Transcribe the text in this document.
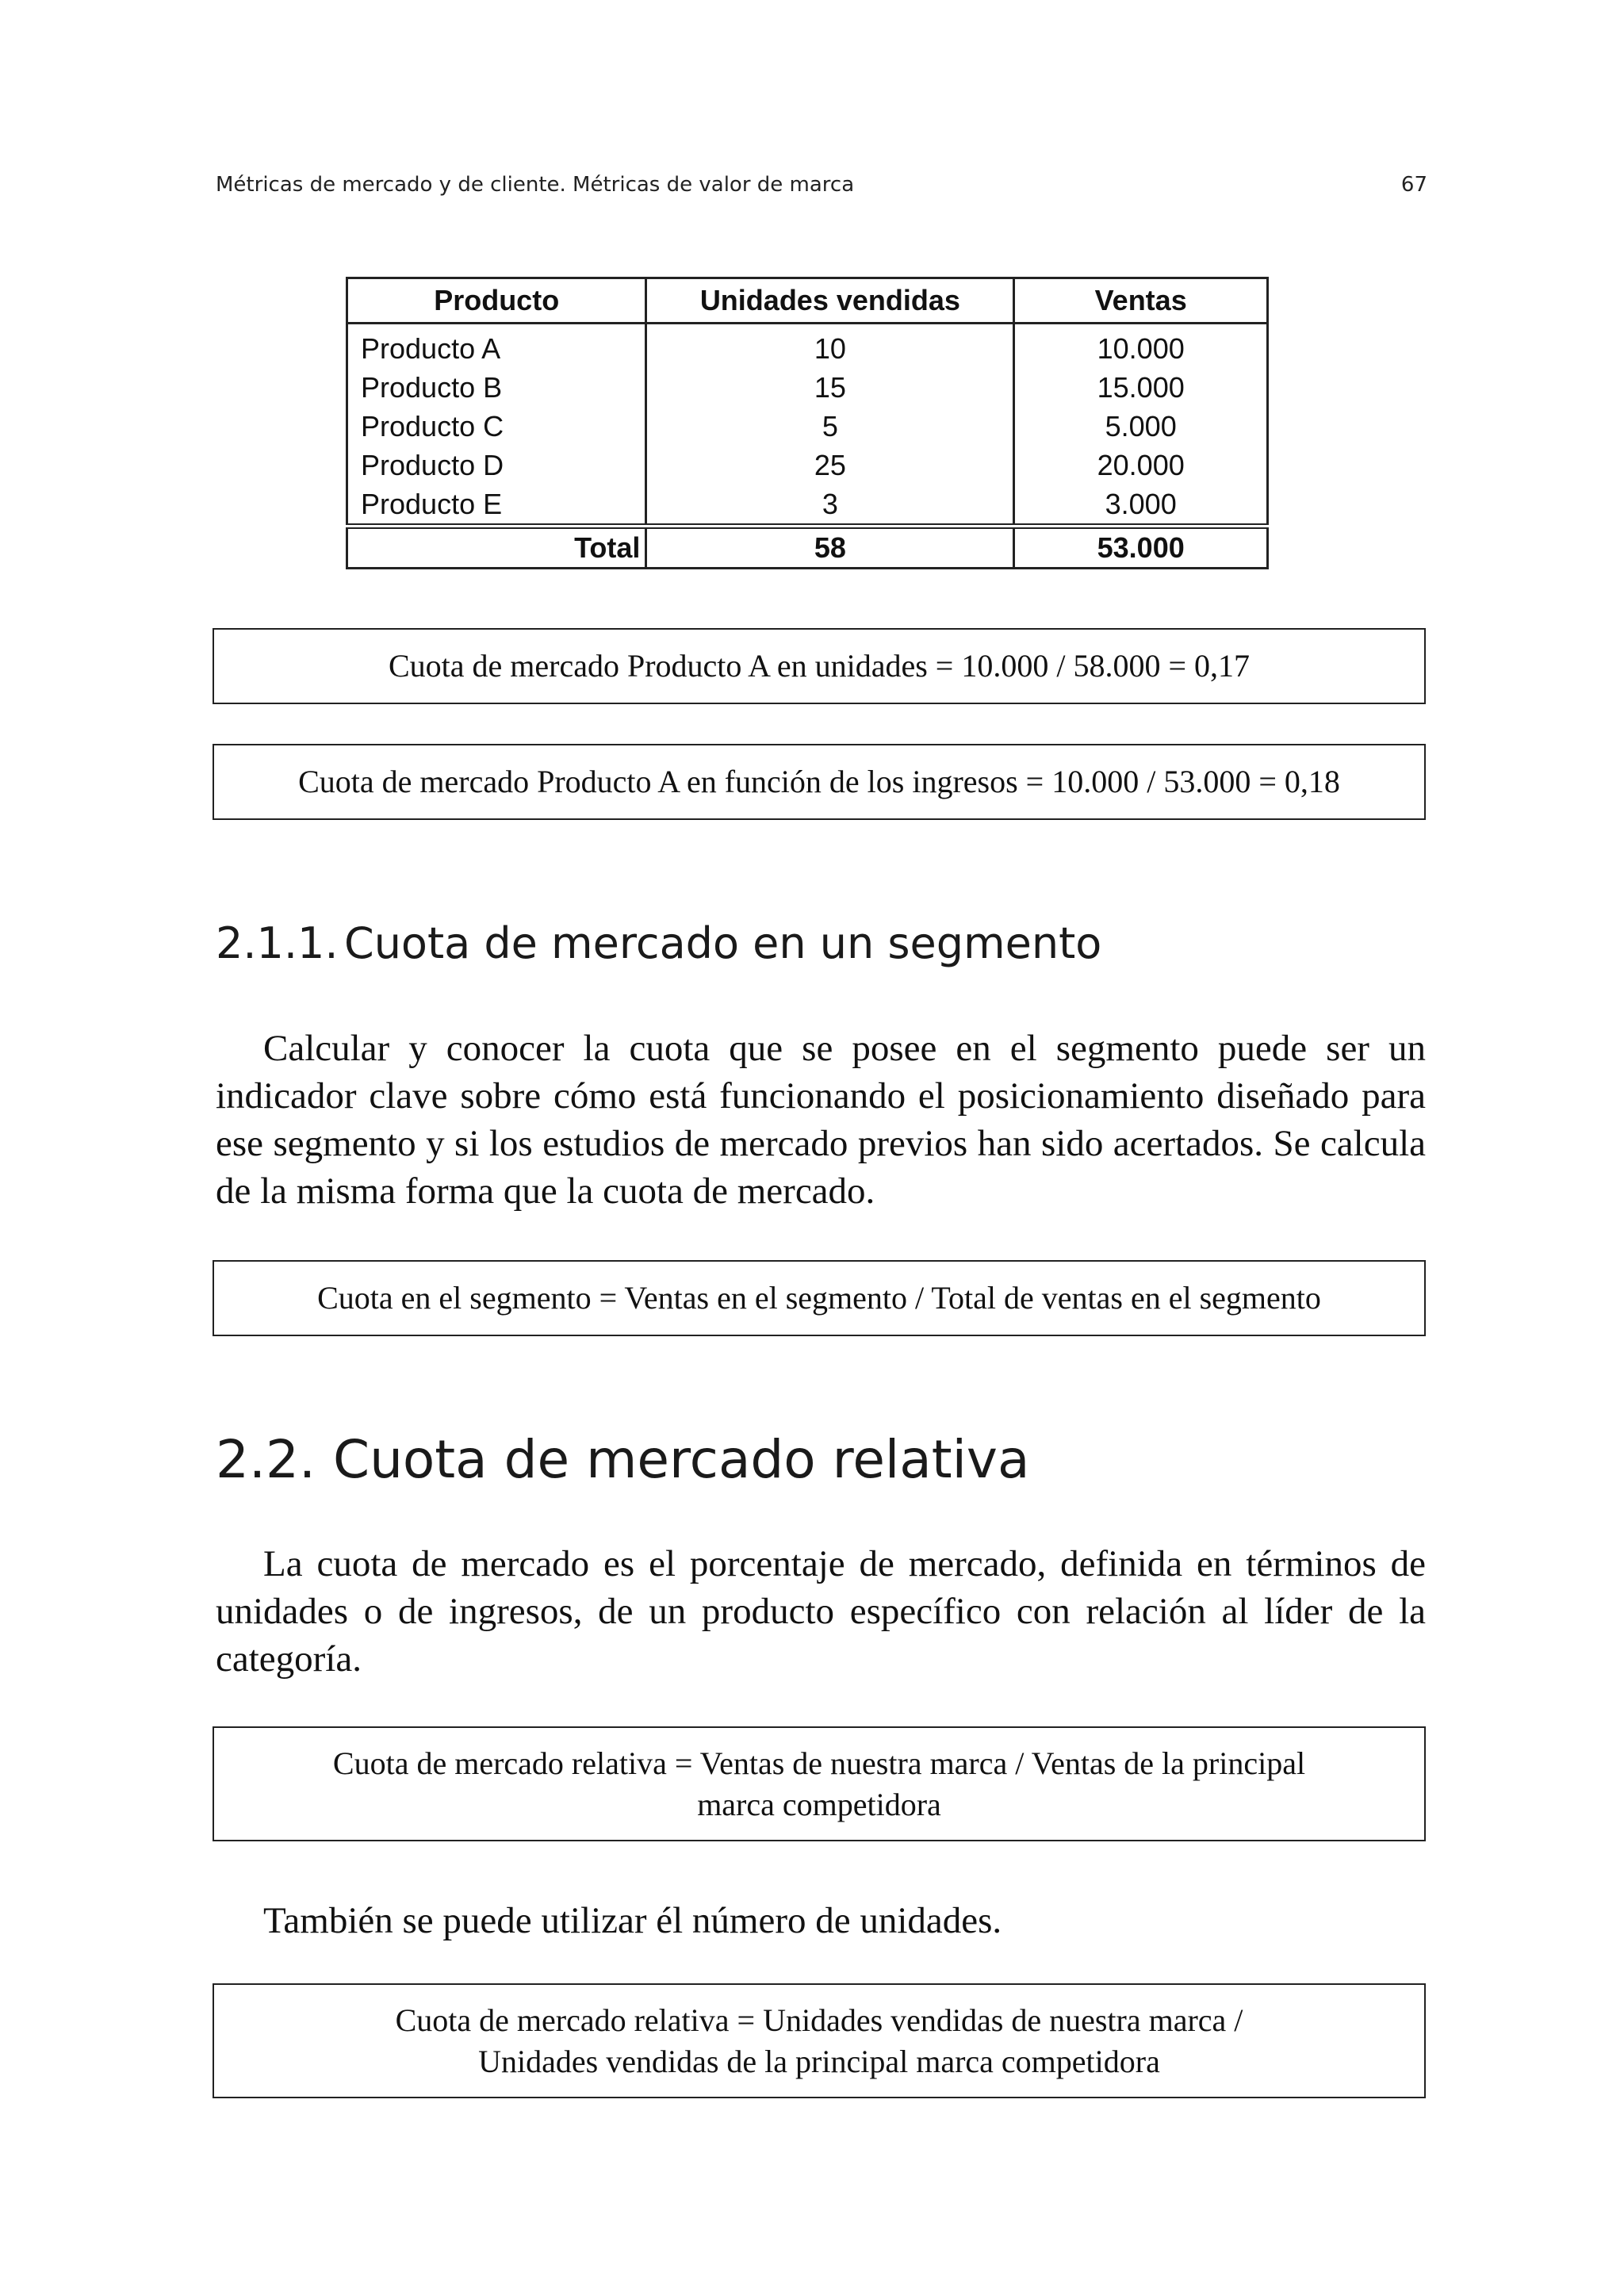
Métricas de mercado y de cliente. Métricas de valor de marca	67
Producto	Unidades vendidas	Ventas
Producto A	10	10.000
Producto B	15	15.000
Producto C	5	5.000
Producto D	25	20.000
Producto E	3	3.000
Total	58	53.000
Cuota de mercado Producto A en unidades = 10.000 / 58.000 = 0,17
Cuota de mercado Producto A en función de los ingresos = 10.000 / 53.000 = 0,18
2.1.1. Cuota de mercado en un segmento

Calcular y conocer la cuota que se posee en el segmento puede ser un indicador clave sobre cómo está funcionando el posicionamiento diseñado para ese segmento y si los estudios de mercado previos han sido acertados. Se calcula de la misma forma que la cuota de mercado.

Cuota en el segmento = Ventas en el segmento / Total de ventas en el segmento
2.2. Cuota de mercado relativa

La cuota de mercado es el porcentaje de mercado, definida en términos de unidades o de ingresos, de un producto específico con relación al líder de la categoría.

Cuota de mercado relativa = Ventas de nuestra marca / Ventas de la principal marca competidora

También se puede utilizar él número de unidades.

Cuota de mercado relativa = Unidades vendidas de nuestra marca / Unidades vendidas de la principal marca competidora
